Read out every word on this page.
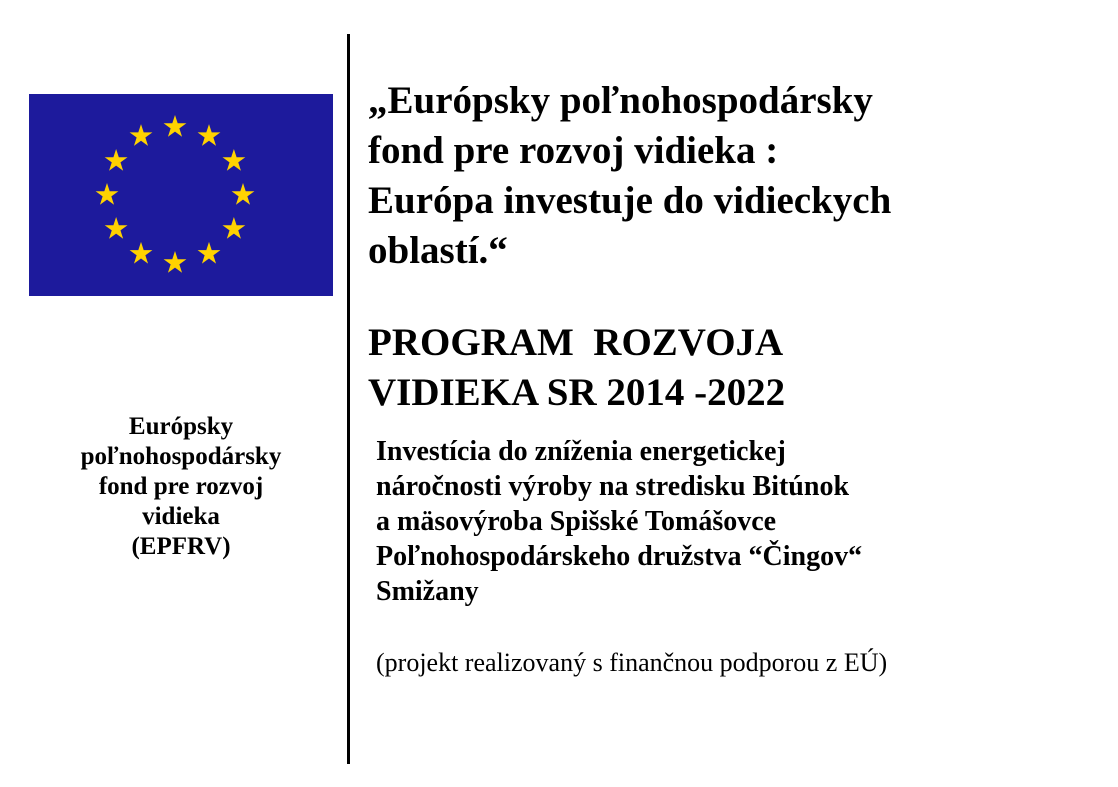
Európsky
poľnohospodársky
fond pre rozvoj
vidieka
(EPFRV)
„Európsky poľnohospodársky
fond pre rozvoj vidieka :
Európa investuje do vidieckych
oblastí.“
PROGRAM  ROZVOJA
VIDIEKA SR 2014 -2022
Investícia do zníženia energetickej
náročnosti výroby na stredisku Bitúnok
a mäsovýroba Spišské Tomášovce
Poľnohospodárskeho družstva “Čingov“
Smižany
(projekt realizovaný s finančnou podporou z EÚ)
